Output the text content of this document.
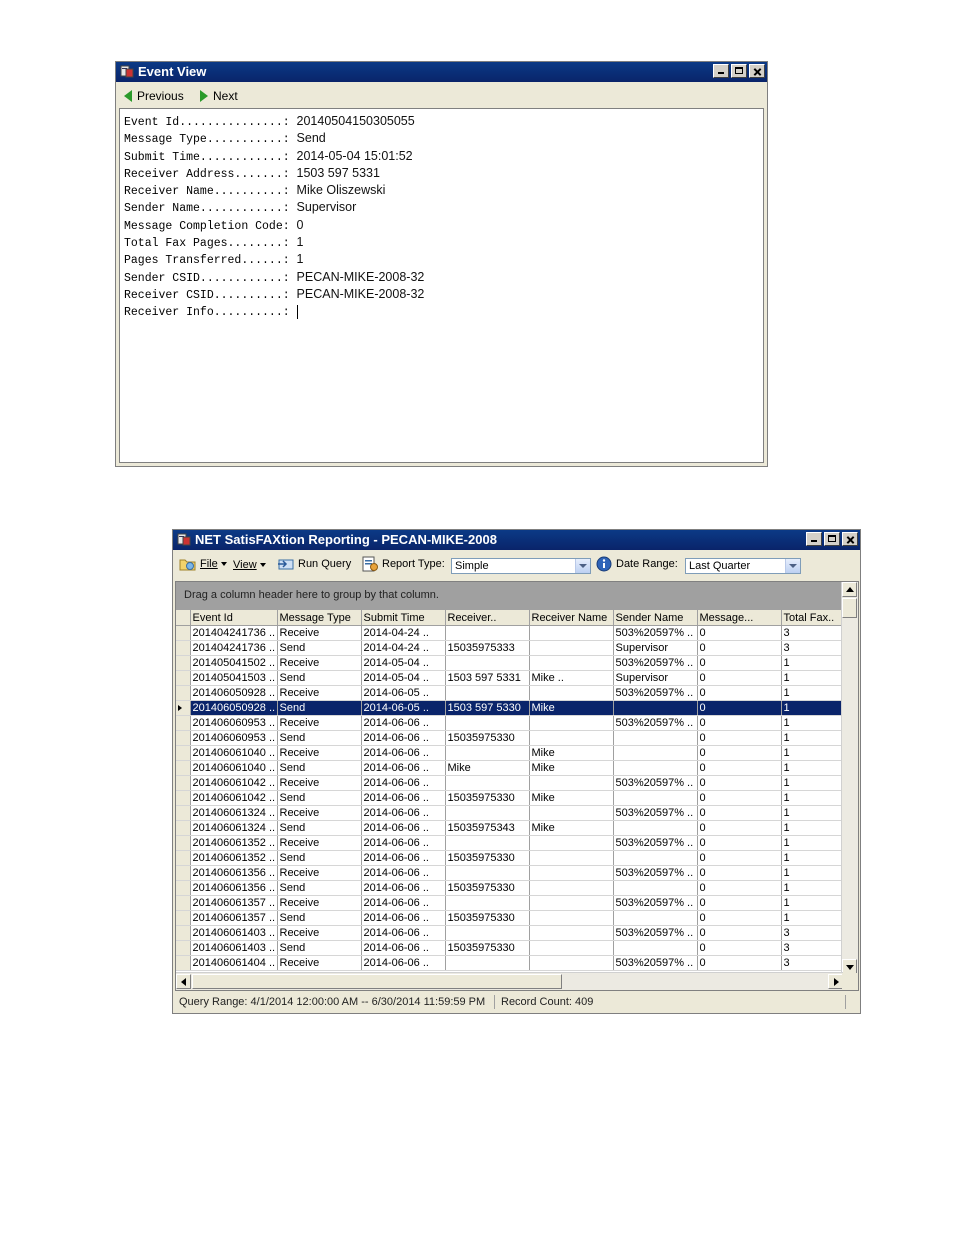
Event View
Previous	Next
Event Id...............: 20140504150305055
Message Type...........: Send
Submit Time............: 2014-05-04 15:01:52
Receiver Address.......: 1503 597 5331
Receiver Name..........: Mike Oliszewski
Sender Name............: Supervisor
Message Completion Code: 0
Total Fax Pages........: 1
Pages Transferred......: 1
Sender CSID............: PECAN-MIKE-2008-32
Receiver CSID..........: PECAN-MIKE-2008-32
Receiver Info..........:
NET SatisFAXtion Reporting - PECAN-MIKE-2008
File	View	Run Query	Report Type: Simple	Date Range:	Last Quarter
Drag a column header here to group by that column.
	Event Id	Message Type	Submit Time	Receiver..	Receiver Name	Sender Name	Message...	Total Fax..
	201404241736 ..	Receive	2014-04-24 ..			503%20597% ..	0	3
	201404241736 ..	Send	2014-04-24 ..	15035975333		Supervisor	0	3
	201405041502 ..	Receive	2014-05-04 ..			503%20597% ..	0	1
	201405041503 ..	Send	2014-05-04 ..	1503 597 5331	Mike ..	Supervisor	0	1
	201406050928 ..	Receive	2014-06-05 ..			503%20597% ..	0	1
	201406050928 ..	Send	2014-06-05 ..	1503 597 5330	Mike		0	1
	201406060953 ..	Receive	2014-06-06 ..			503%20597% ..	0	1
	201406060953 ..	Send	2014-06-06 ..	15035975330			0	1
	201406061040 ..	Receive	2014-06-06 ..		Mike		0	1
	201406061040 ..	Send	2014-06-06 ..	Mike	Mike		0	1
	201406061042 ..	Receive	2014-06-06 ..			503%20597% ..	0	1
	201406061042 ..	Send	2014-06-06 ..	15035975330	Mike		0	1
	201406061324 ..	Receive	2014-06-06 ..			503%20597% ..	0	1
	201406061324 ..	Send	2014-06-06 ..	15035975343	Mike		0	1
	201406061352 ..	Receive	2014-06-06 ..			503%20597% ..	0	1
	201406061352 ..	Send	2014-06-06 ..	15035975330			0	1
	201406061356 ..	Receive	2014-06-06 ..			503%20597% ..	0	1
	201406061356 ..	Send	2014-06-06 ..	15035975330			0	1
	201406061357 ..	Receive	2014-06-06 ..			503%20597% ..	0	1
	201406061357 ..	Send	2014-06-06 ..	15035975330			0	1
	201406061403 ..	Receive	2014-06-06 ..			503%20597% ..	0	3
	201406061403 ..	Send	2014-06-06 ..	15035975330			0	3
	201406061404 ..	Receive	2014-06-06 ..			503%20597% ..	0	3
Query Range: 4/1/2014 12:00:00 AM -- 6/30/2014 11:59:59 PM Record Count: 409
